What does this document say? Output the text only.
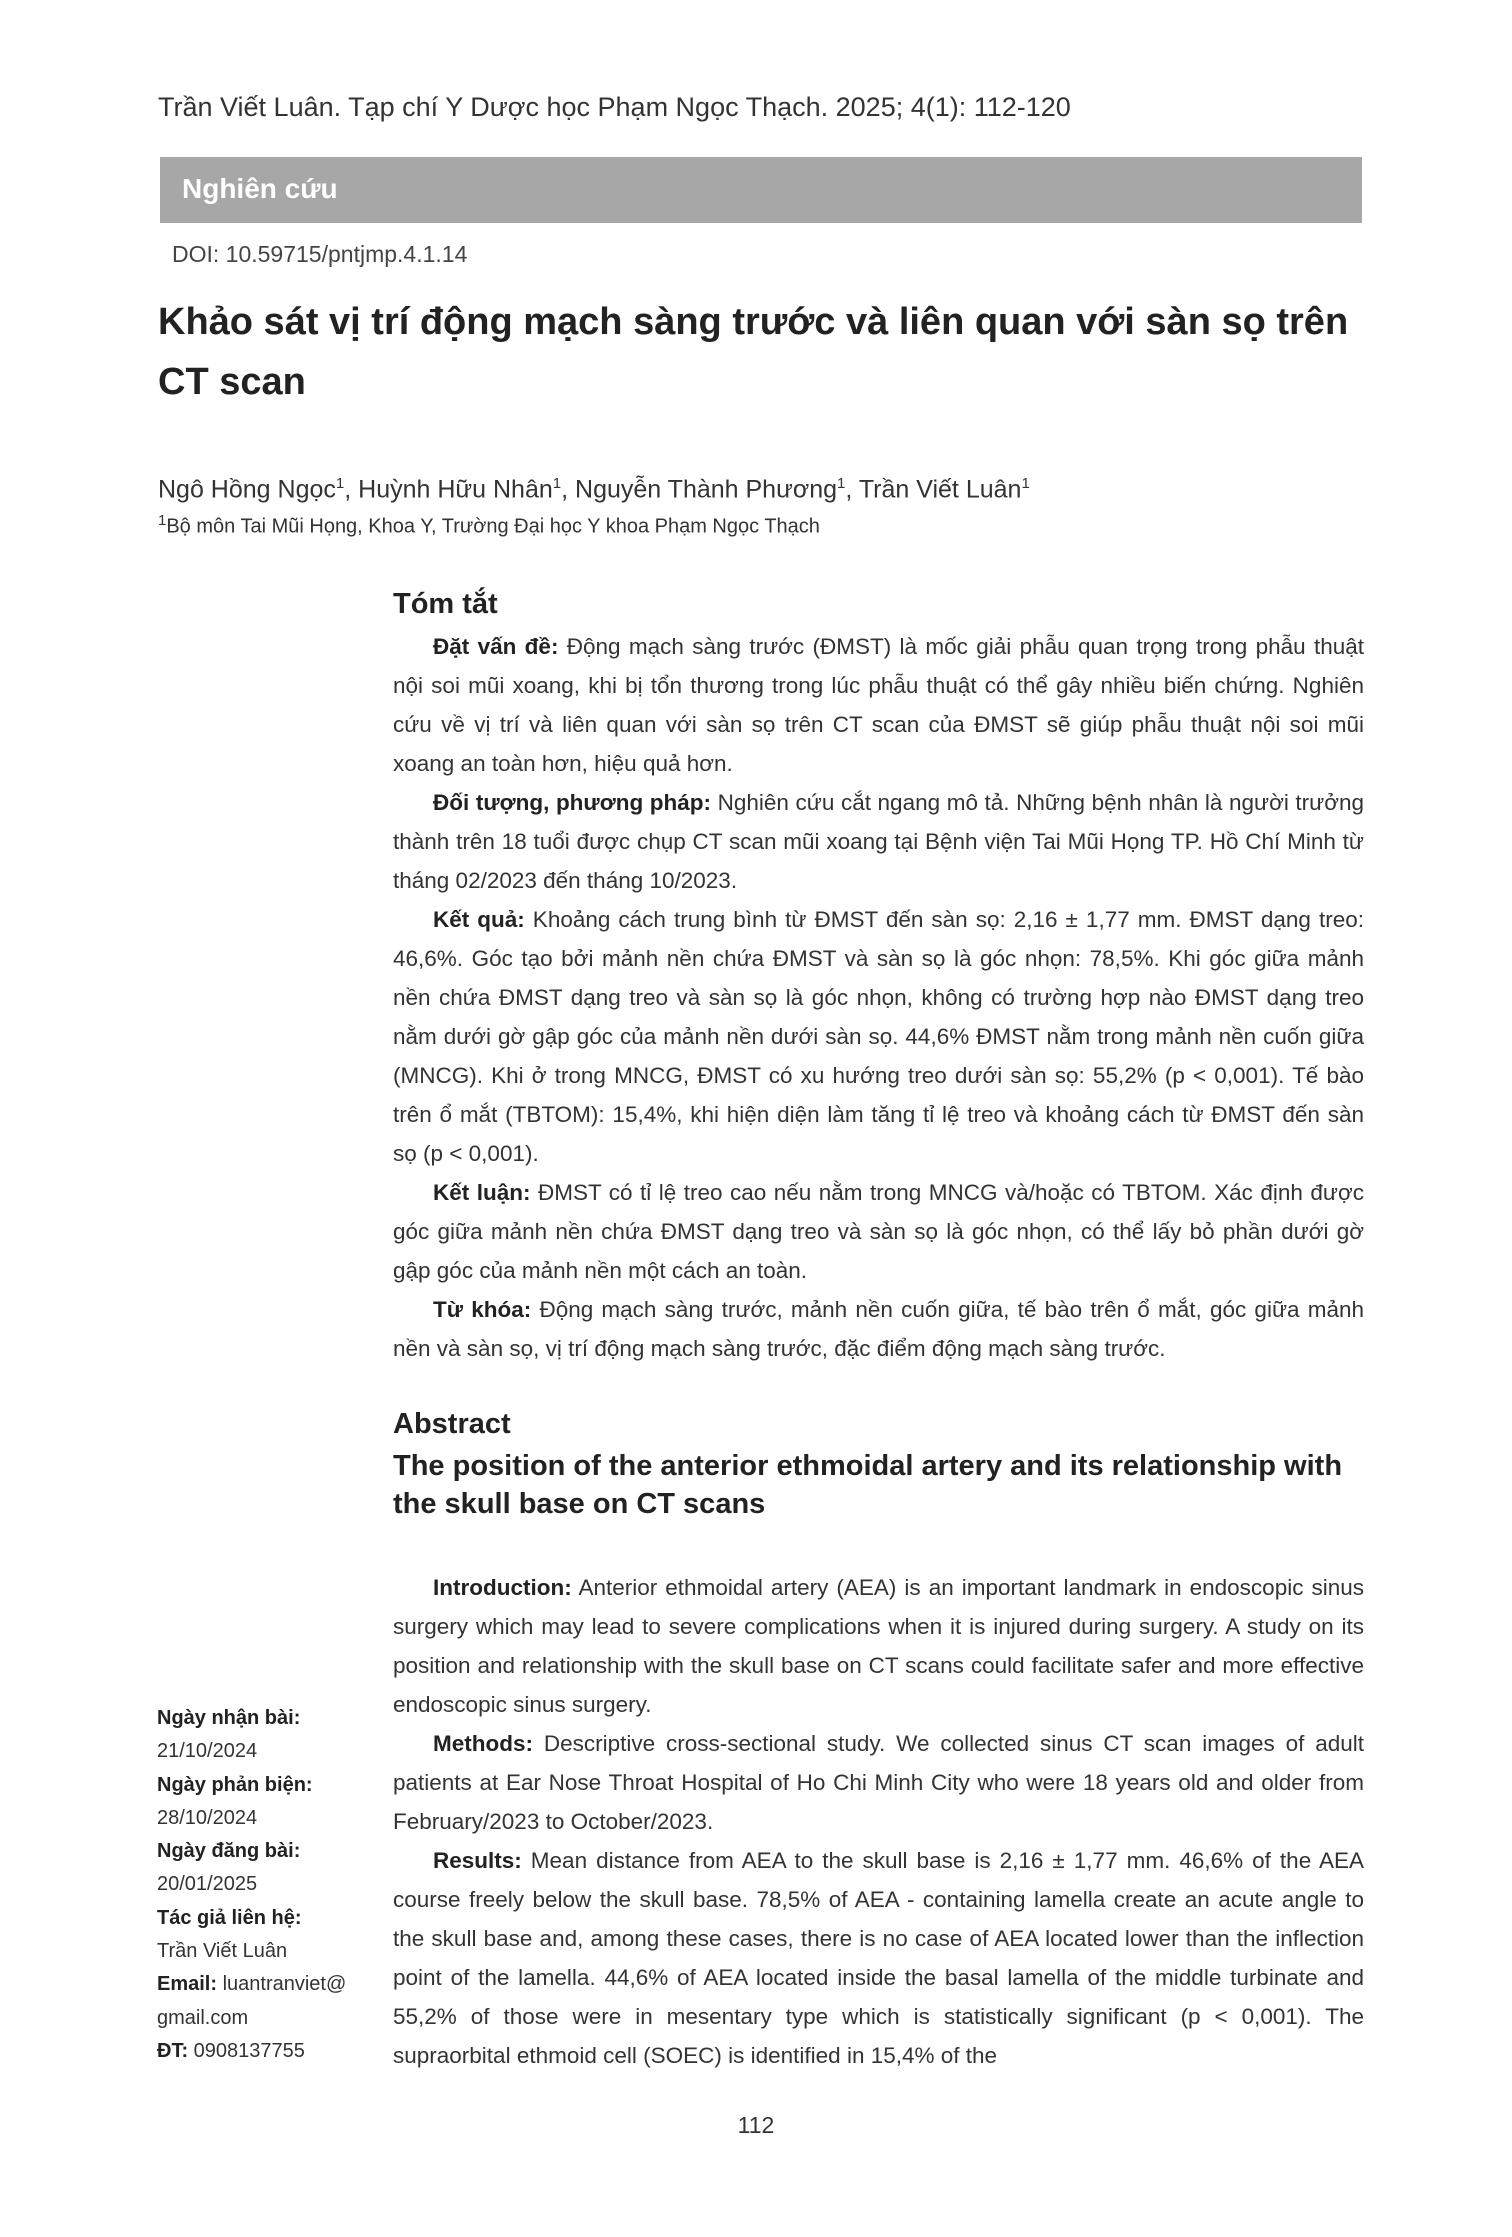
Trần Viết Luân. Tạp chí Y Dược học Phạm Ngọc Thạch. 2025; 4(1): 112-120
Nghiên cứu
DOI: 10.59715/pntjmp.4.1.14
Khảo sát vị trí động mạch sàng trước và liên quan với sàn sọ trên CT scan
Ngô Hồng Ngọc$^1$, Huỳnh Hữu Nhân$^1$, Nguyễn Thành Phương$^1$, Trần Viết Luân$^1$
$^1$Bộ môn Tai Mũi Họng, Khoa Y, Trường Đại học Y khoa Phạm Ngọc Thạch
Tóm tắt

Đặt vấn đề: Động mạch sàng trước (ĐMST) là mốc giải phẫu quan trọng trong phẫu thuật nội soi mũi xoang, khi bị tổn thương trong lúc phẫu thuật có thể gây nhiều biến chứng. Nghiên cứu về vị trí và liên quan với sàn sọ trên CT scan của ĐMST sẽ giúp phẫu thuật nội soi mũi xoang an toàn hơn, hiệu quả hơn.

Đối tượng, phương pháp: Nghiên cứu cắt ngang mô tả. Những bệnh nhân là người trưởng thành trên 18 tuổi được chụp CT scan mũi xoang tại Bệnh viện Tai Mũi Họng TP. Hồ Chí Minh từ tháng 02/2023 đến tháng 10/2023.

Kết quả: Khoảng cách trung bình từ ĐMST đến sàn sọ: 2,16 ± 1,77 mm. ĐMST dạng treo: 46,6%. Góc tạo bởi mảnh nền chứa ĐMST và sàn sọ là góc nhọn: 78,5%. Khi góc giữa mảnh nền chứa ĐMST dạng treo và sàn sọ là góc nhọn, không có trường hợp nào ĐMST dạng treo nằm dưới gờ gập góc của mảnh nền dưới sàn sọ. 44,6% ĐMST nằm trong mảnh nền cuốn giữa (MNCG). Khi ở trong MNCG, ĐMST có xu hướng treo dưới sàn sọ: 55,2% (p < 0,001). Tế bào trên ổ mắt (TBTOM): 15,4%, khi hiện diện làm tăng tỉ lệ treo và khoảng cách từ ĐMST đến sàn sọ (p < 0,001).

Kết luận: ĐMST có tỉ lệ treo cao nếu nằm trong MNCG và/hoặc có TBTOM. Xác định được góc giữa mảnh nền chứa ĐMST dạng treo và sàn sọ là góc nhọn, có thể lấy bỏ phần dưới gờ gập góc của mảnh nền một cách an toàn.

Từ khóa: Động mạch sàng trước, mảnh nền cuốn giữa, tế bào trên ổ mắt, góc giữa mảnh nền và sàn sọ, vị trí động mạch sàng trước, đặc điểm động mạch sàng trước.

Abstract
The position of the anterior ethmoidal artery and its relationship with the skull base on CT scans

Introduction: Anterior ethmoidal artery (AEA) is an important landmark in endoscopic sinus surgery which may lead to severe complications when it is injured during surgery. A study on its position and relationship with the skull base on CT scans could facilitate safer and more effective endoscopic sinus surgery.

Methods: Descriptive cross-sectional study. We collected sinus CT scan images of adult patients at Ear Nose Throat Hospital of Ho Chi Minh City who were 18 years old and older from February/2023 to October/2023.

Results: Mean distance from AEA to the skull base is 2,16 ± 1,77 mm. 46,6% of the AEA course freely below the skull base. 78,5% of AEA - containing lamella create an acute angle to the skull base and, among these cases, there is no case of AEA located lower than the inflection point of the lamella. 44,6% of AEA located inside the basal lamella of the middle turbinate and 55,2% of those were in mesentary type which is statistically significant (p < 0,001). The supraorbital ethmoid cell (SOEC) is identified in 15,4% of the

Ngày nhận bài:
21/10/2024
Ngày phản biện:
28/10/2024
Ngày đăng bài:
20/01/2025
Tác giả liên hệ:
Trần Viết Luân
Email: luantranviet@
gmail.com
ĐT: 0908137755
112
